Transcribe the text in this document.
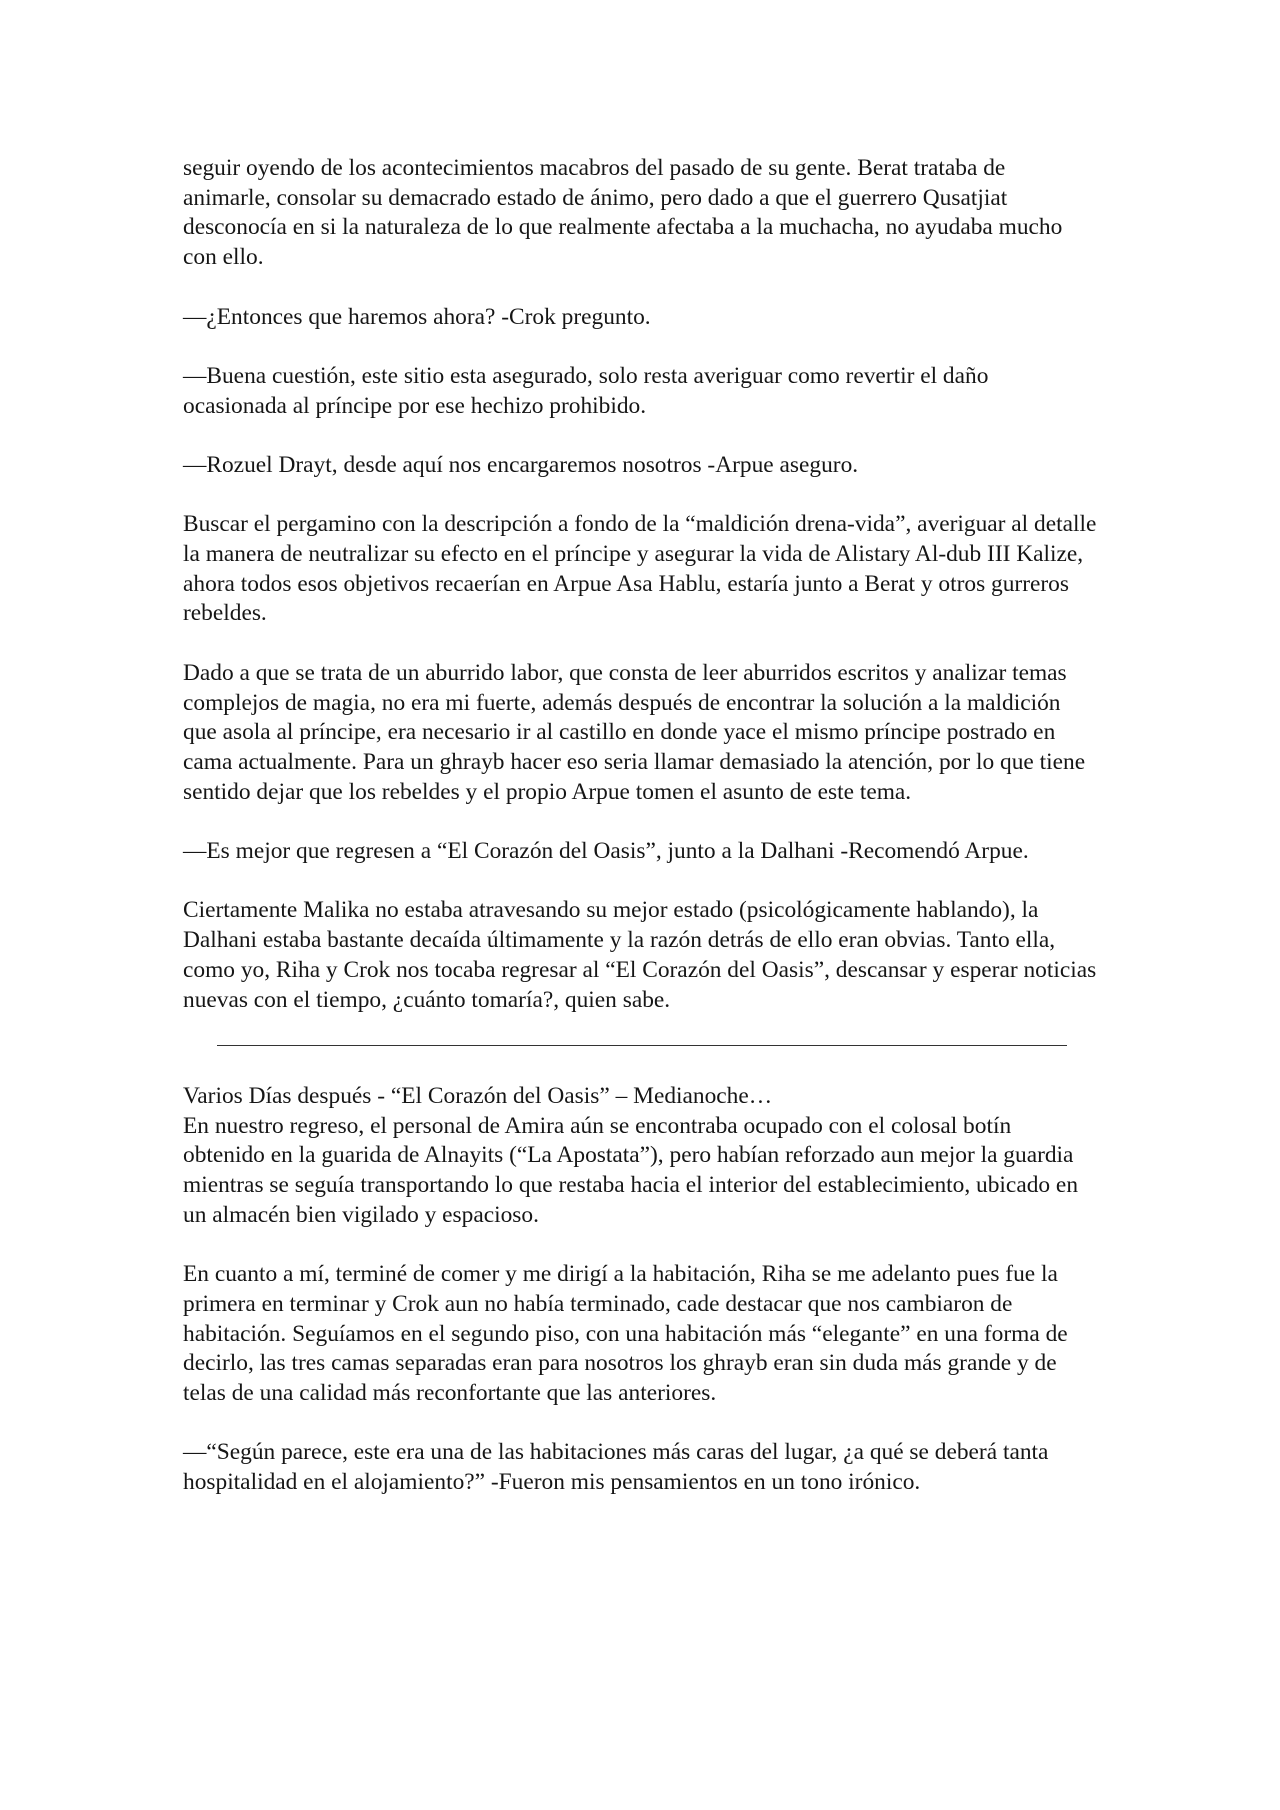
seguir oyendo de los acontecimientos macabros del pasado de su gente. Berat trataba de animarle, consolar su demacrado estado de ánimo, pero dado a que el guerrero Qusatjiat desconocía en si la naturaleza de lo que realmente afectaba a la muchacha, no ayudaba mucho con ello.

—¿Entonces que haremos ahora? -Crok pregunto.

—Buena cuestión, este sitio esta asegurado, solo resta averiguar como revertir el daño ocasionada al príncipe por ese hechizo prohibido.

—Rozuel Drayt, desde aquí nos encargaremos nosotros -Arpue aseguro.

Buscar el pergamino con la descripción a fondo de la “maldición drena-vida”, averiguar al detalle la manera de neutralizar su efecto en el príncipe y asegurar la vida de Alistary Al-dub III Kalize, ahora todos esos objetivos recaerían en Arpue Asa Hablu, estaría junto a Berat y otros gurreros rebeldes.

Dado a que se trata de un aburrido labor, que consta de leer aburridos escritos y analizar temas complejos de magia, no era mi fuerte, además después de encontrar la solución a la maldición que asola al príncipe, era necesario ir al castillo en donde yace el mismo príncipe postrado en cama actualmente. Para un ghrayb hacer eso seria llamar demasiado la atención, por lo que tiene sentido dejar que los rebeldes y el propio Arpue tomen el asunto de este tema.

—Es mejor que regresen a “El Corazón del Oasis”, junto a la Dalhani -Recomendó Arpue.

Ciertamente Malika no estaba atravesando su mejor estado (psicológicamente hablando), la Dalhani estaba bastante decaída últimamente y la razón detrás de ello eran obvias. Tanto ella, como yo, Riha y Crok nos tocaba regresar al “El Corazón del Oasis”, descansar y esperar noticias nuevas con el tiempo, ¿cuánto tomaría?, quien sabe.

Varios Días después - “El Corazón del Oasis” – Medianoche…

En nuestro regreso, el personal de Amira aún se encontraba ocupado con el colosal botín obtenido en la guarida de Alnayits (“La Apostata”), pero habían reforzado aun mejor la guardia mientras se seguía transportando lo que restaba hacia el interior del establecimiento, ubicado en un almacén bien vigilado y espacioso.

En cuanto a mí, terminé de comer y me dirigí a la habitación, Riha se me adelanto pues fue la primera en terminar y Crok aun no había terminado, cade destacar que nos cambiaron de habitación. Seguíamos en el segundo piso, con una habitación más “elegante” en una forma de decirlo, las tres camas separadas eran para nosotros los ghrayb eran sin duda más grande y de telas de una calidad más reconfortante que las anteriores.

—“Según parece, este era una de las habitaciones más caras del lugar, ¿a qué se deberá tanta hospitalidad en el alojamiento?” -Fueron mis pensamientos en un tono irónico.
